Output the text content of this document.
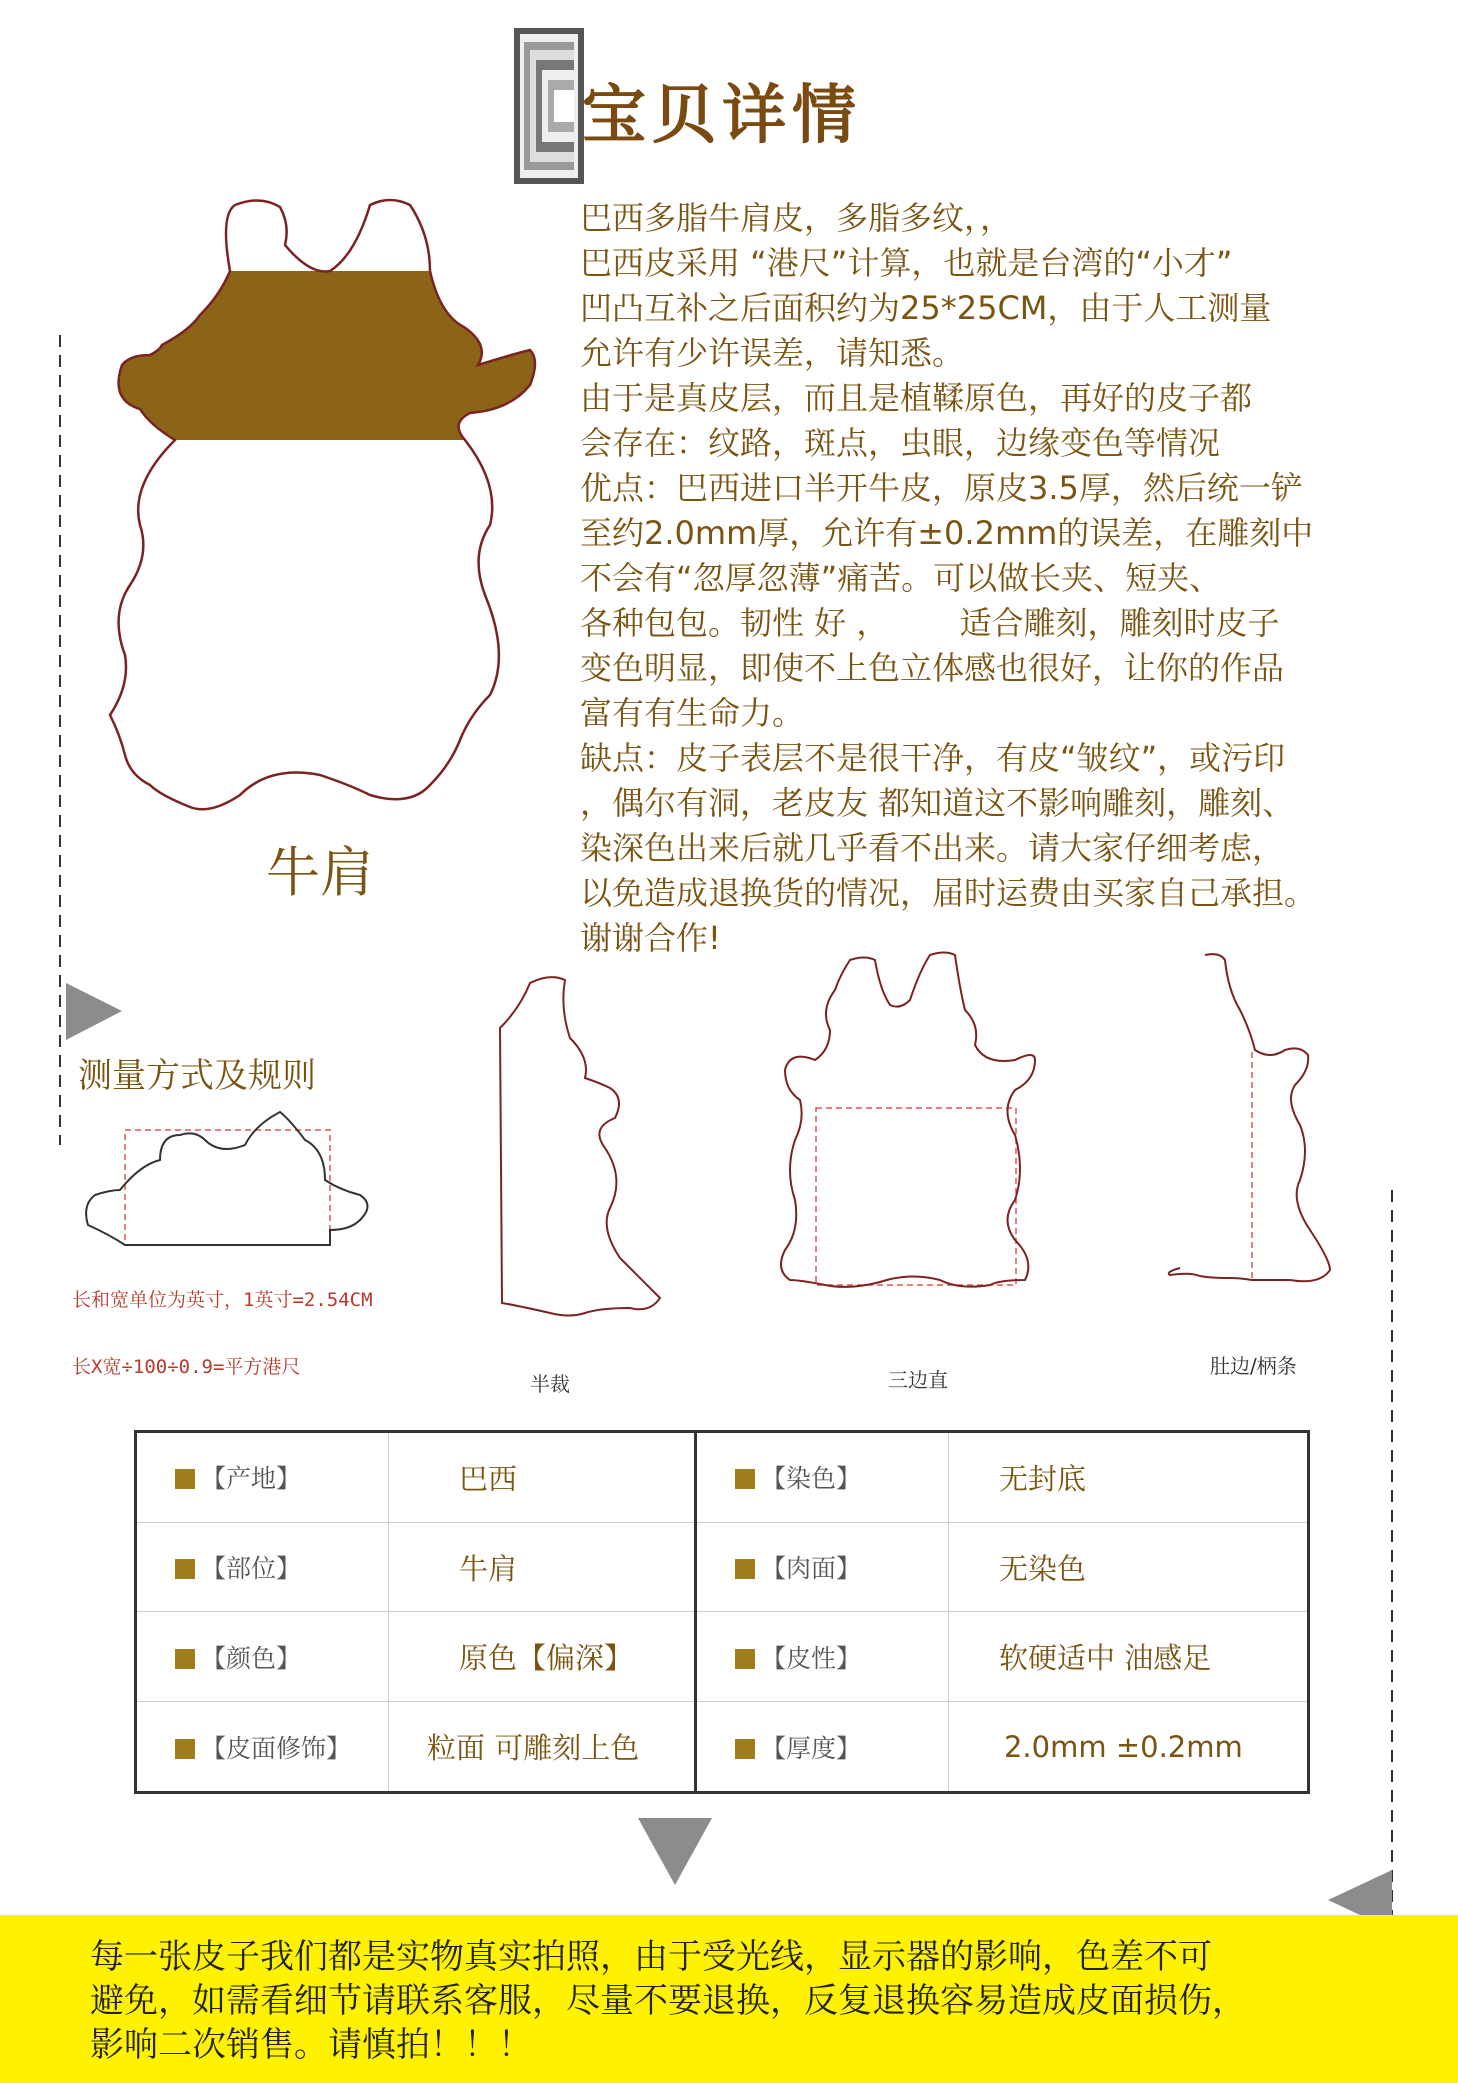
宝贝详情
牛肩
巴西多脂牛肩皮，多脂多纹，，
巴西皮采用 “港尺”计算，也就是台湾的“小才”
凹凸互补之后面积约为25*25CM，由于人工测量
允许有少许误差，请知悉。
由于是真皮层，而且是植鞣原色，再好的皮子都
会存在：纹路，斑点，虫眼，边缘变色等情况
优点：巴西进口半开牛皮，原皮3.5厚，然后统一铲
至约2.0mm厚，允许有±0.2mm的误差，在雕刻中
不会有“忽厚忽薄”痛苦。可以做长夹、短夹、
各种包包。韧性 好 ，       适合雕刻，雕刻时皮子
变色明显，即使不上色立体感也很好，让你的作品
富有有生命力。
缺点：皮子表层不是很干净，有皮“皱纹”，或污印
，偶尔有洞，老皮友 都知道这不影响雕刻，雕刻、
染深色出来后就几乎看不出来。请大家仔细考虑，
以免造成退换货的情况，届时运费由买家自己承担。
谢谢合作!
测量方式及规则
长和宽单位为英寸，1英寸=2.54CM
长X宽÷100÷0.9=平方港尺
半裁	三边直
肚边/柄条
【产地】	巴西	【染色】	无封底
【部位】	牛肩	【肉面】	无染色
【颜色】	原色【偏深】	【皮性】	软硬适中 油感足
【皮面修饰】	粒面 可雕刻上色	【厚度】	2.0mm ±0.2mm
每一张皮子我们都是实物真实拍照，由于受光线，显示器的影响，色差不可
避免，如需看细节请联系客服，尽量不要退换，反复退换容易造成皮面损伤，
影响二次销售。请慎拍！！！
